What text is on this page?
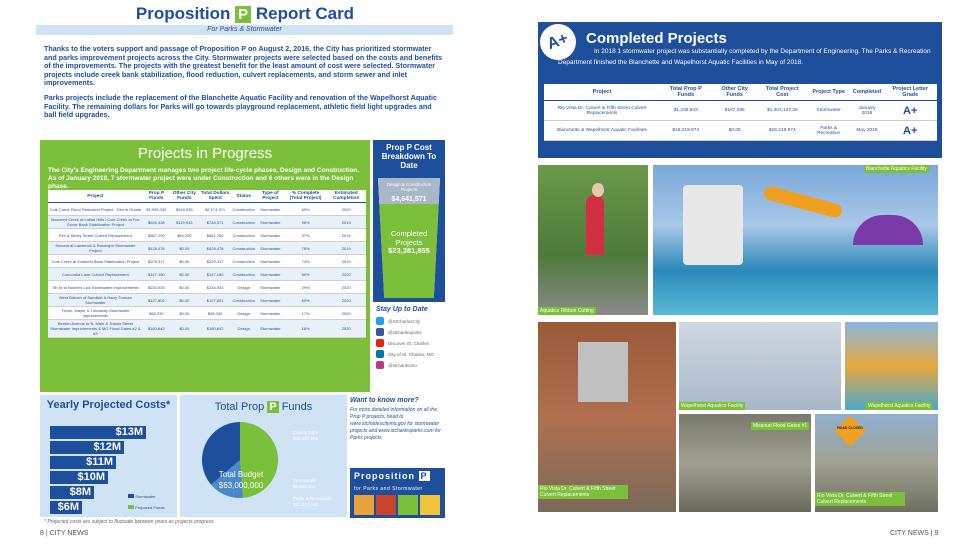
Proposition P Report Card
For Parks & Stormwater

Thanks to the voters support and passage of Proposition P on August 2, 2016, the City has prioritized stormwater and parks improvement projects across the City. Stormwater projects were selected based on the costs and benefits of the improvements. The projects with the greatest benefit for the least amount of cost were selected. Stormwater projects include creek bank stabilization, flood reduction, culvert replacements, and storm sewer and inlet improvements.

Parks projects include the replacement of the Blanchette Aquatic Facility and renovation of the Wapelhorst Aquatic Facility. The remaining dollars for Parks will go towards playground replacement, athletic field light upgrades and ball field upgrades.

Projects in Progress
The City's Engineering Department manages two project life-cycle phases, Design and Construction. As of January 2019, 7 stormwater project were under Construction and 6 others were in the Design phase.
Project	Prop P Funds	Other City Funds	Total Dollars Spent	Status	Type of Project	% Complete (Total Project)	Estimated Completion
Cole Creek Flood Reduction Project - Elm to Droste	$1,925,032	$249,939	$2,174,971	Construction	Stormwater	60%	2020
Boschert Creek at Indian Hills / Cole Creek at Fox Grove Bank Stabilization Project	$626,428	$119,943	$746,371	Construction	Stormwater	96%	2019
Elm & Sibley Street Culvert Replacement	$567,290	$94,290	$661,760	Construction	Stormwater	97%	2019
Second at Lawrence & Randolph Stormwater Project	$428,478	$0.00	$428,478	Construction	Stormwater	76%	2019
Cole Creek at Zumbehl Bank Stabilization Project	$229,317	$0.00	$229,317	Construction	Stormwater	74%	2019
Concordia Lane Culvert Replacement	$147,180	$0.00	$147,180	Construction	Stormwater	60%	2020
7th St to Boone's Lick Stormwater Improvements	$234,933	$0.00	$234,933	Design	Stormwater	29%	2020
West Branch of Sandfort & Harry Truman Stormwater	$127,801	$0.00	$127,801	Construction	Stormwater	60%	2020
Tieum, Mayer & Treeaway Stormwater Improvements	$98,330	$0.00	$98,330	Design	Stormwater	17%	2020
Benton Avenue to N. Main & Transit Street Stormwater Improvements & MO Flood Gates #2 & #3	$160,642	$0.00	$160,642	Design	Stormwater	18%	2020
Prop P Cost Breakdown To Date
Design & Construction Projects
$4,641,571
Completed Projects
$23,381,855
Stay Up to Date
@StCharlesCity
@stcharlesparks
Discover St. Charles
City of St. Charles, MO
@stcharlesmo
Yearly Projected Costs*
$13M
$12M
$11M
$10M
$8M
$6M
Stormwater
Proposed Funds
Total Prop P Funds
Total Budget
$63,000,000
Cost to Date
$28,527,986
Stormwater
$8,860,341
Parks & Recreation
$21,217,340
Want to know more?
For more detailed information on all the Prop P projects, head to www.stcharlescitymo.gov for stormwater projects and www.stcharlesparks.com for Parks projects.
Proposition P
for Parks and Stormwater
* Projected costs are subject to fluctuate between years as projects progress.
8 | CITY NEWS
Completed Projects
In 2018 1 stormwater project was substantially completed by the Department of Engineering. The Parks & Recreation Department finished the Blanchette and Wapelhorst Aquatic Facilities in May of 2018.
A+
Project	Total Prop P Funds	Other City Funds	Total Project Cost	Project Type	Completed	Project Letter Grade
Rio Vista Dr. Culvert & Fifth Street Culvert Replacements	$1,235,843	$167,285	$1,403,127.28	Stormwater	January 2018	A+
Blanchette & Wapelhorst Aquatic Facilities	$16,219,974	$0.00	$16,219,974	Parks & Recreation	May 2018	A+
Aquatics Ribbon Cutting
Blanchette Aquatics Facility
Rio Vista Dr. Culvert & Fifth Street Culvert Replacements
Wapelhorst Aquatics Facility	Wapelhorst Aquatics Facility
Missouri Flood Gates #1	ROAD CLOSED
Rio Vista Dr. Culvert & Fifth Street Culvert Replacements
CITY NEWS | 9
